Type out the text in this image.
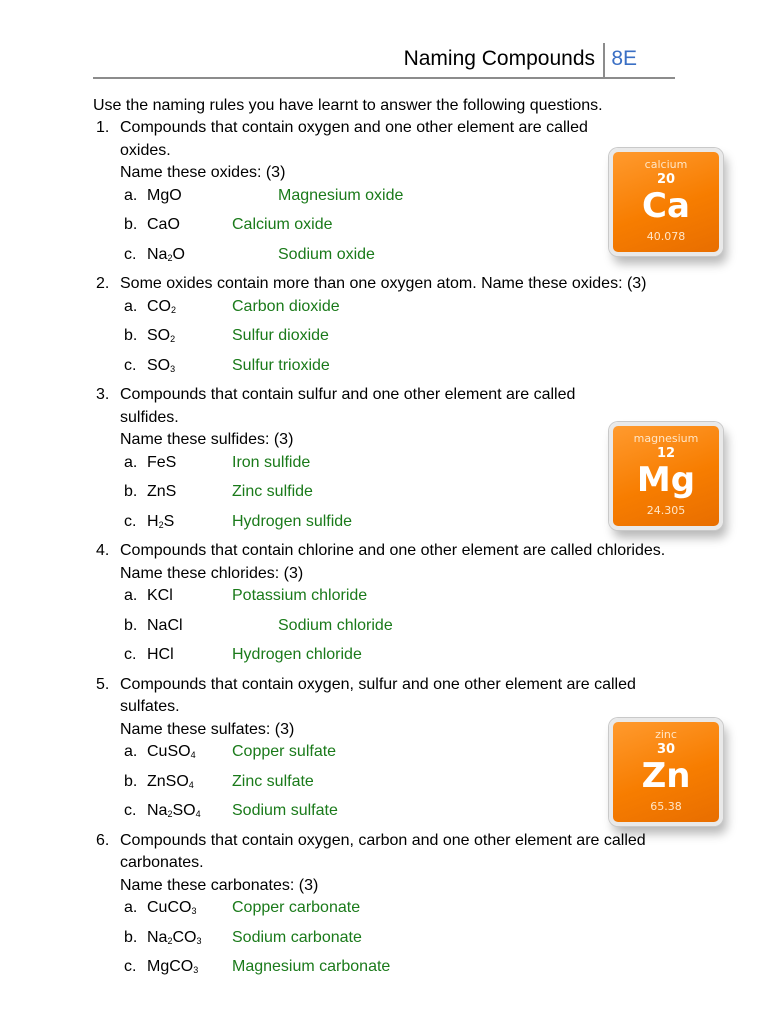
Naming Compounds 8E
Use the naming rules you have learnt to answer the following questions.
1. Compounds that contain oxygen and one other element are called oxides.
Name these oxides: (3)
a. MgO	Magnesium oxide
b. CaO	Calcium oxide
c. $Na_2O$	Sodium oxide
2. Some oxides contain more than one oxygen atom. Name these oxides: (3)
a. $CO_2$	Carbon dioxide
b. $SO_2$	Sulfur dioxide
c. $SO_3$	Sulfur trioxide
3. Compounds that contain sulfur and one other element are called sulfides.
Name these sulfides: (3)
a. FeS	Iron sulfide
b. ZnS	Zinc sulfide
c. $H_2S$	Hydrogen sulfide
4. Compounds that contain chlorine and one other element are called chlorides.
Name these chlorides: (3)
a. KCl	Potassium chloride
b. NaCl	Sodium chloride
c. HCl	Hydrogen chloride
5. Compounds that contain oxygen, sulfur and one other element are called sulfates.
Name these sulfates: (3)
a. CuSO$_4$ Copper sulfate
b. ZnSO$_4$ Zinc sulfate
c. $Na_2SO_4$ Sodium sulfate
6. Compounds that contain oxygen, carbon and one other element are called carbonates.
Name these carbonates: (3)
a. CuCO$_3$ Copper carbonate
b. $Na_2CO_3$ Sodium carbonate
c. MgCO$_3$ Magnesium carbonate
calcium
20
Ca
40.078
magnesium
12
Mg
24.305
zinc
30
Zn
65.38
